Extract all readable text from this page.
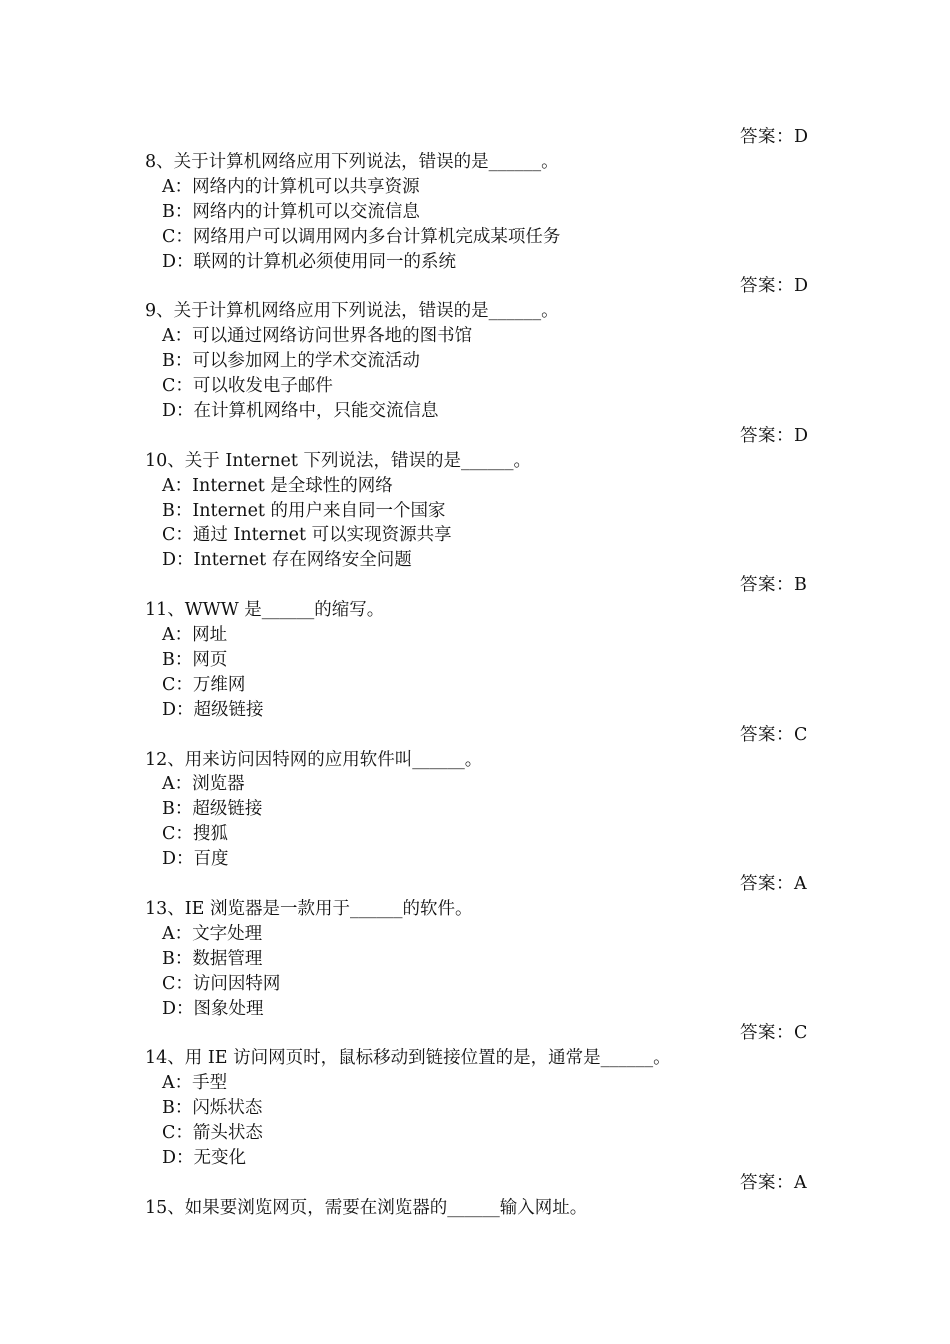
答案：D
8、关于计算机网络应用下列说法，错误的是______。
A：网络内的计算机可以共享资源
B：网络内的计算机可以交流信息
C：网络用户可以调用网内多台计算机完成某项任务
D：联网的计算机必须使用同一的系统
答案：D
9、关于计算机网络应用下列说法，错误的是______。
A：可以通过网络访问世界各地的图书馆
B：可以参加网上的学术交流活动
C：可以收发电子邮件
D：在计算机网络中，只能交流信息
答案：D
10、关于 Internet 下列说法，错误的是______。
A：Internet 是全球性的网络
B：Internet 的用户来自同一个国家
C：通过 Internet 可以实现资源共享
D：Internet 存在网络安全问题
答案：B
11、WWW 是______的缩写。
A：网址
B：网页
C：万维网
D：超级链接
答案：C
12、用来访问因特网的应用软件叫______。
A：浏览器
B：超级链接
C：搜狐
D：百度
答案：A
13、IE 浏览器是一款用于______的软件。
A：文字处理
B：数据管理
C：访问因特网
D：图象处理
答案：C
14、用 IE 访问网页时，鼠标移动到链接位置的是，通常是______。
A：手型
B：闪烁状态
C：箭头状态
D：无变化
答案：A
15、如果要浏览网页，需要在浏览器的______输入网址。
